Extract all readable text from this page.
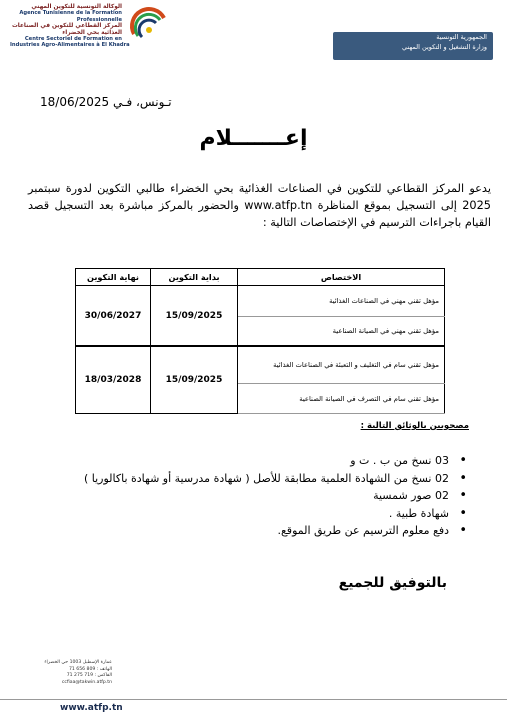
الوكالة التونسية للتكوين المهني
Agence Tunisienne de la Formation
Professionnelle
المركز القطاعي للتكوين في الصناعات
الغذائية بحي الخضراء
Centre Sectoriel de Formation en
Industries Agro-Alimentaires à El Khadra
الجمهورية التونسية
وزارة التشغيل و التكوين المهني
تـونس، فـي 18/06/2025
إعـــــــلام
يدعو المركز القطاعي للتكوين في الصناعات الغذائية بحي الخضراء طالبي التكوين لدورة سبتمبر 2025 إلى التسجيل بموقع المناظرة www.atfp.tn والحضور بالمركز مباشرة بعد التسجيل قصد القيام باجراءات الترسيم في الإختصاصات التالية :
نهاية التكوين	بداية التكوين	الاختصاص
30/06/2027	15/09/2025	مؤهل تقني مهني في الصناعات الغذائية
		مؤهل تقني مهني في الصيانة الصناعية
18/03/2028	15/09/2025	مؤهل تقني سام في التغليف و التعبئة في الصناعات الغذائية
		مؤهل تقني سام في التصرف في الصيانة الصناعية
مصحوبين بالوثائق التالية :
• 03 نسخ من ب . ت و
• 02 نسخ من الشهادة العلمية مطابقة للأصل ( شهادة مدرسية أو شهادة باكالوريا )
• 02 صور شمسية
• شهادة طبية .
• دفع معلوم الترسيم عن طريق الموقع.
بالتوفيق للجميع
عمارة الإسطبل 1003 حي الخضراء
الهاتف : 809 656 71
الفاكس : 719 275 71
ccfiaa@takwin.atfp.tn
www.atfp.tn
